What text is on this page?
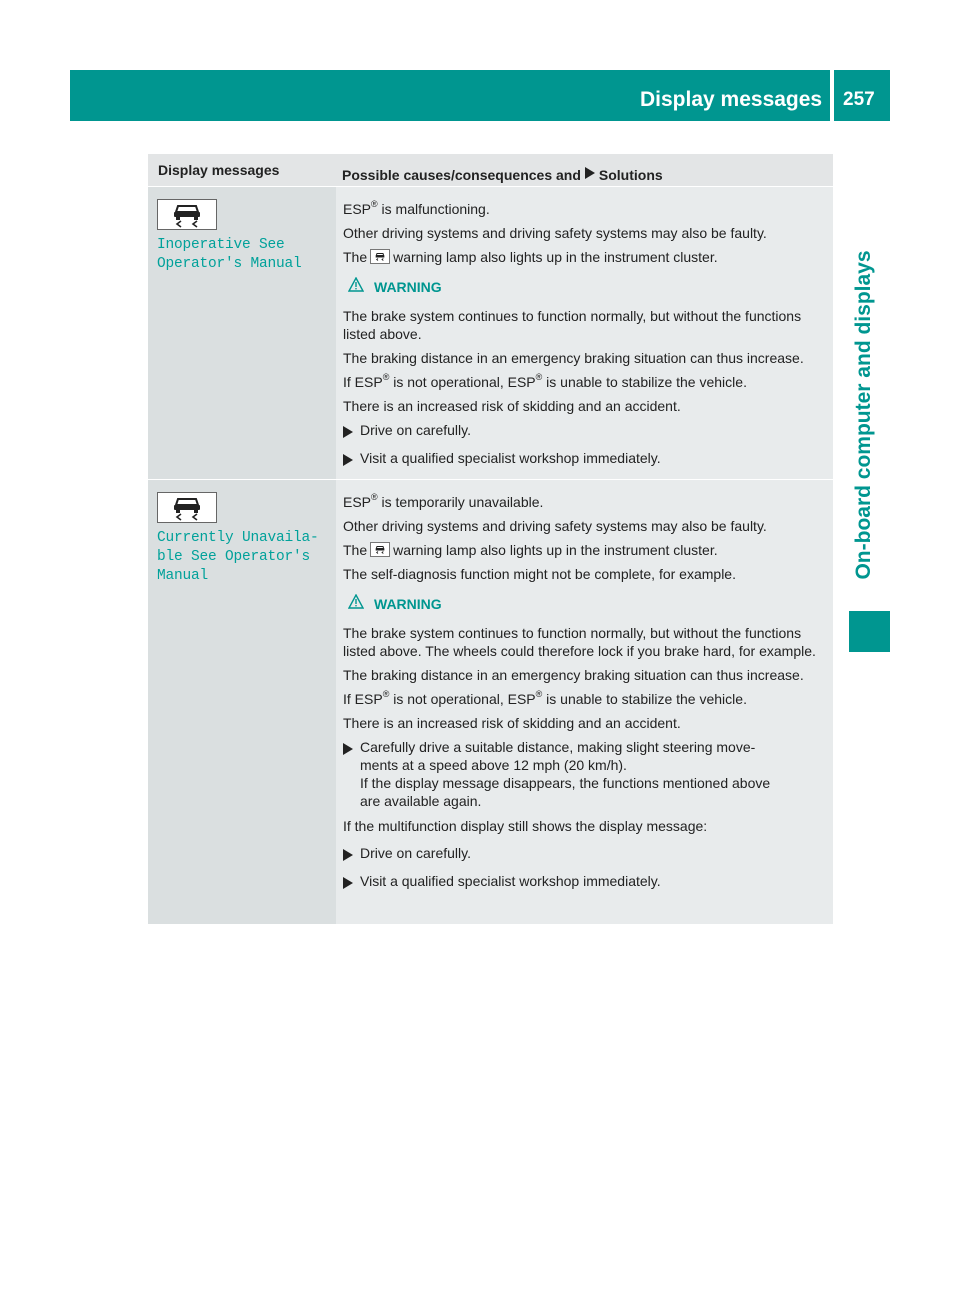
Display messages 257
On-board computer and displays
Display messages	Possible causes/consequences and Solutions
Inoperative See
Operator's Manual
ESP® is malfunctioning.
Other driving systems and driving safety systems may also be faulty.
The warning lamp also lights up in the instrument cluster.
WARNING
The brake system continues to function normally, but without the functions listed above.
The braking distance in an emergency braking situation can thus increase.
If ESP® is not operational, ESP® is unable to stabilize the vehicle.
There is an increased risk of skidding and an accident.
Drive on carefully.
Visit a qualified specialist workshop immediately.
Currently Unavaila‐
ble See Operator's
Manual
ESP® is temporarily unavailable.
Other driving systems and driving safety systems may also be faulty.
The warning lamp also lights up in the instrument cluster.
The self-diagnosis function might not be complete, for example.
WARNING
The brake system continues to function normally, but without the functions listed above. The wheels could therefore lock if you brake hard, for example.
The braking distance in an emergency braking situation can thus increase.
If ESP® is not operational, ESP® is unable to stabilize the vehicle.
There is an increased risk of skidding and an accident.
Carefully drive a suitable distance, making slight steering move‐
ments at a speed above 12 mph (20 km/h).
If the display message disappears, the functions mentioned above
are available again.
If the multifunction display still shows the display message:
Drive on carefully.
Visit a qualified specialist workshop immediately.
